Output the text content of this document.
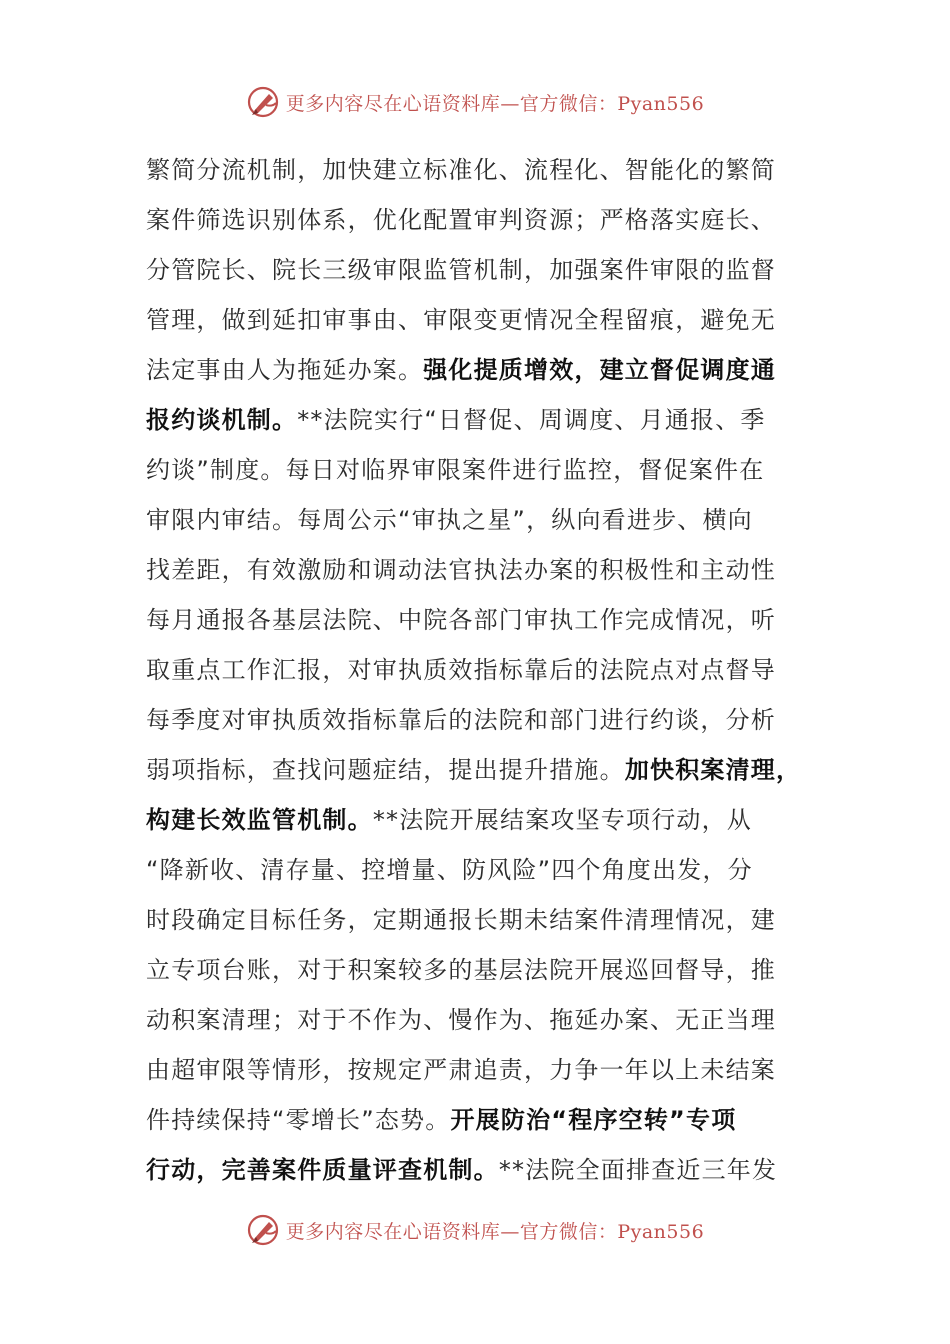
更多内容尽在心语资料库—官方微信：Pyan556
繁简分流机制，加快建立标准化、流程化、智能化的繁简
案件筛选识别体系，优化配置审判资源；严格落实庭长、
分管院长、院长三级审限监管机制，加强案件审限的监督
管理，做到延扣审事由、审限变更情况全程留痕，避免无
法定事由人为拖延办案。强化提质增效，建立督促调度通
报约谈机制。**法院实行“日督促、周调度、月通报、季
约谈”制度。每日对临界审限案件进行监控，督促案件在
审限内审结。每周公示“审执之星”，纵向看进步、横向
找差距，有效激励和调动法官执法办案的积极性和主动性
每月通报各基层法院、中院各部门审执工作完成情况，听
取重点工作汇报，对审执质效指标靠后的法院点对点督导
每季度对审执质效指标靠后的法院和部门进行约谈，分析
弱项指标，查找问题症结，提出提升措施。加快积案清理，
构建长效监管机制。**法院开展结案攻坚专项行动，从
“降新收、清存量、控增量、防风险”四个角度出发，分
时段确定目标任务，定期通报长期未结案件清理情况，建
立专项台账，对于积案较多的基层法院开展巡回督导，推
动积案清理；对于不作为、慢作为、拖延办案、无正当理
由超审限等情形，按规定严肃追责，力争一年以上未结案
件持续保持“零增长”态势。开展防治“程序空转”专项
行动，完善案件质量评查机制。**法院全面排查近三年发
更多内容尽在心语资料库—官方微信：Pyan556
